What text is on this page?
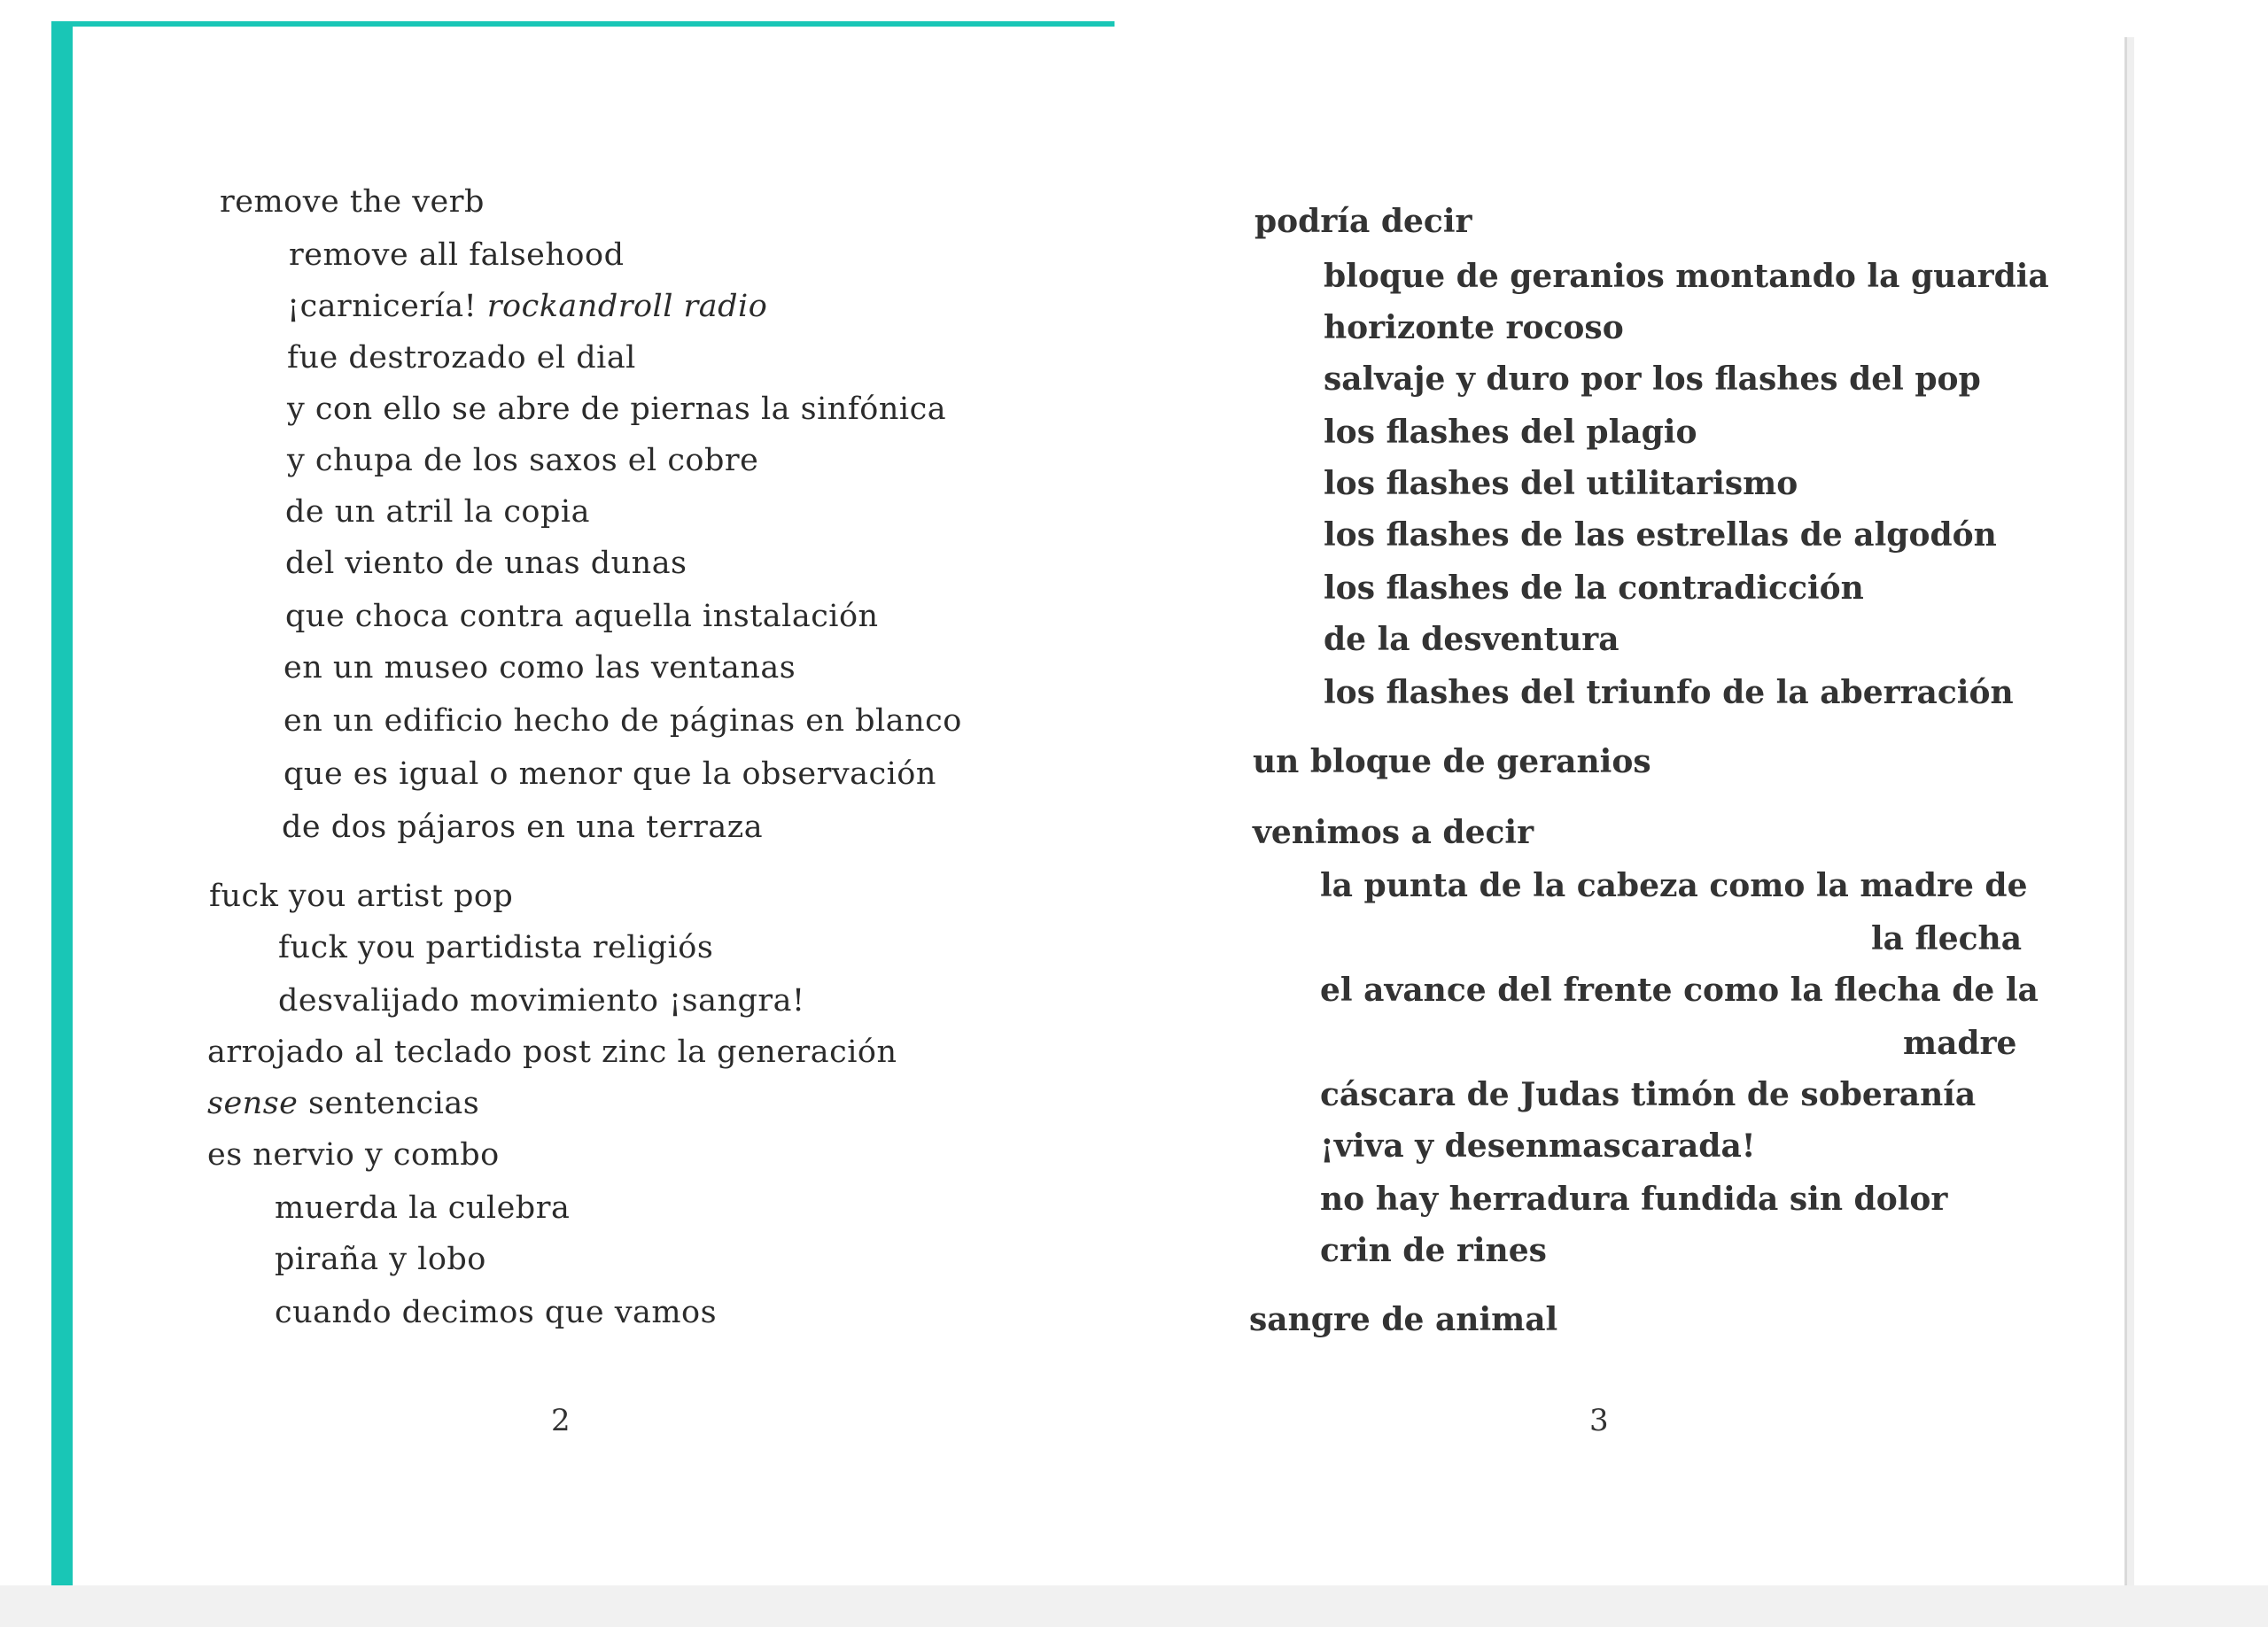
remove the verb
remove all falsehood
¡carnicería! rockandroll radio
fue destrozado el dial
y con ello se abre de piernas la sinfónica
y chupa de los saxos el cobre
de un atril la copia
del viento de unas dunas
que choca contra aquella instalación
en un museo como las ventanas
en un edificio hecho de páginas en blanco
que es igual o menor que la observación
de dos pájaros en una terraza
fuck you artist pop
fuck you partidista religiós
desvalijado movimiento ¡sangra!
arrojado al teclado post zinc la generación
sense sentencias
es nervio y combo
muerda la culebra
piraña y lobo
cuando decimos que vamos
2
podría decir
bloque de geranios montando la guardia
horizonte rocoso
salvaje y duro por los flashes del pop
los flashes del plagio
los flashes del utilitarismo
los flashes de las estrellas de algodón
los flashes de la contradicción
de la desventura
los flashes del triunfo de la aberración
un bloque de geranios
venimos a decir
la punta de la cabeza como la madre de
la flecha
el avance del frente como la flecha de la
madre
cáscara de Judas timón de soberanía
¡viva y desenmascarada!
no hay herradura fundida sin dolor
crin de rines
sangre de animal
3
